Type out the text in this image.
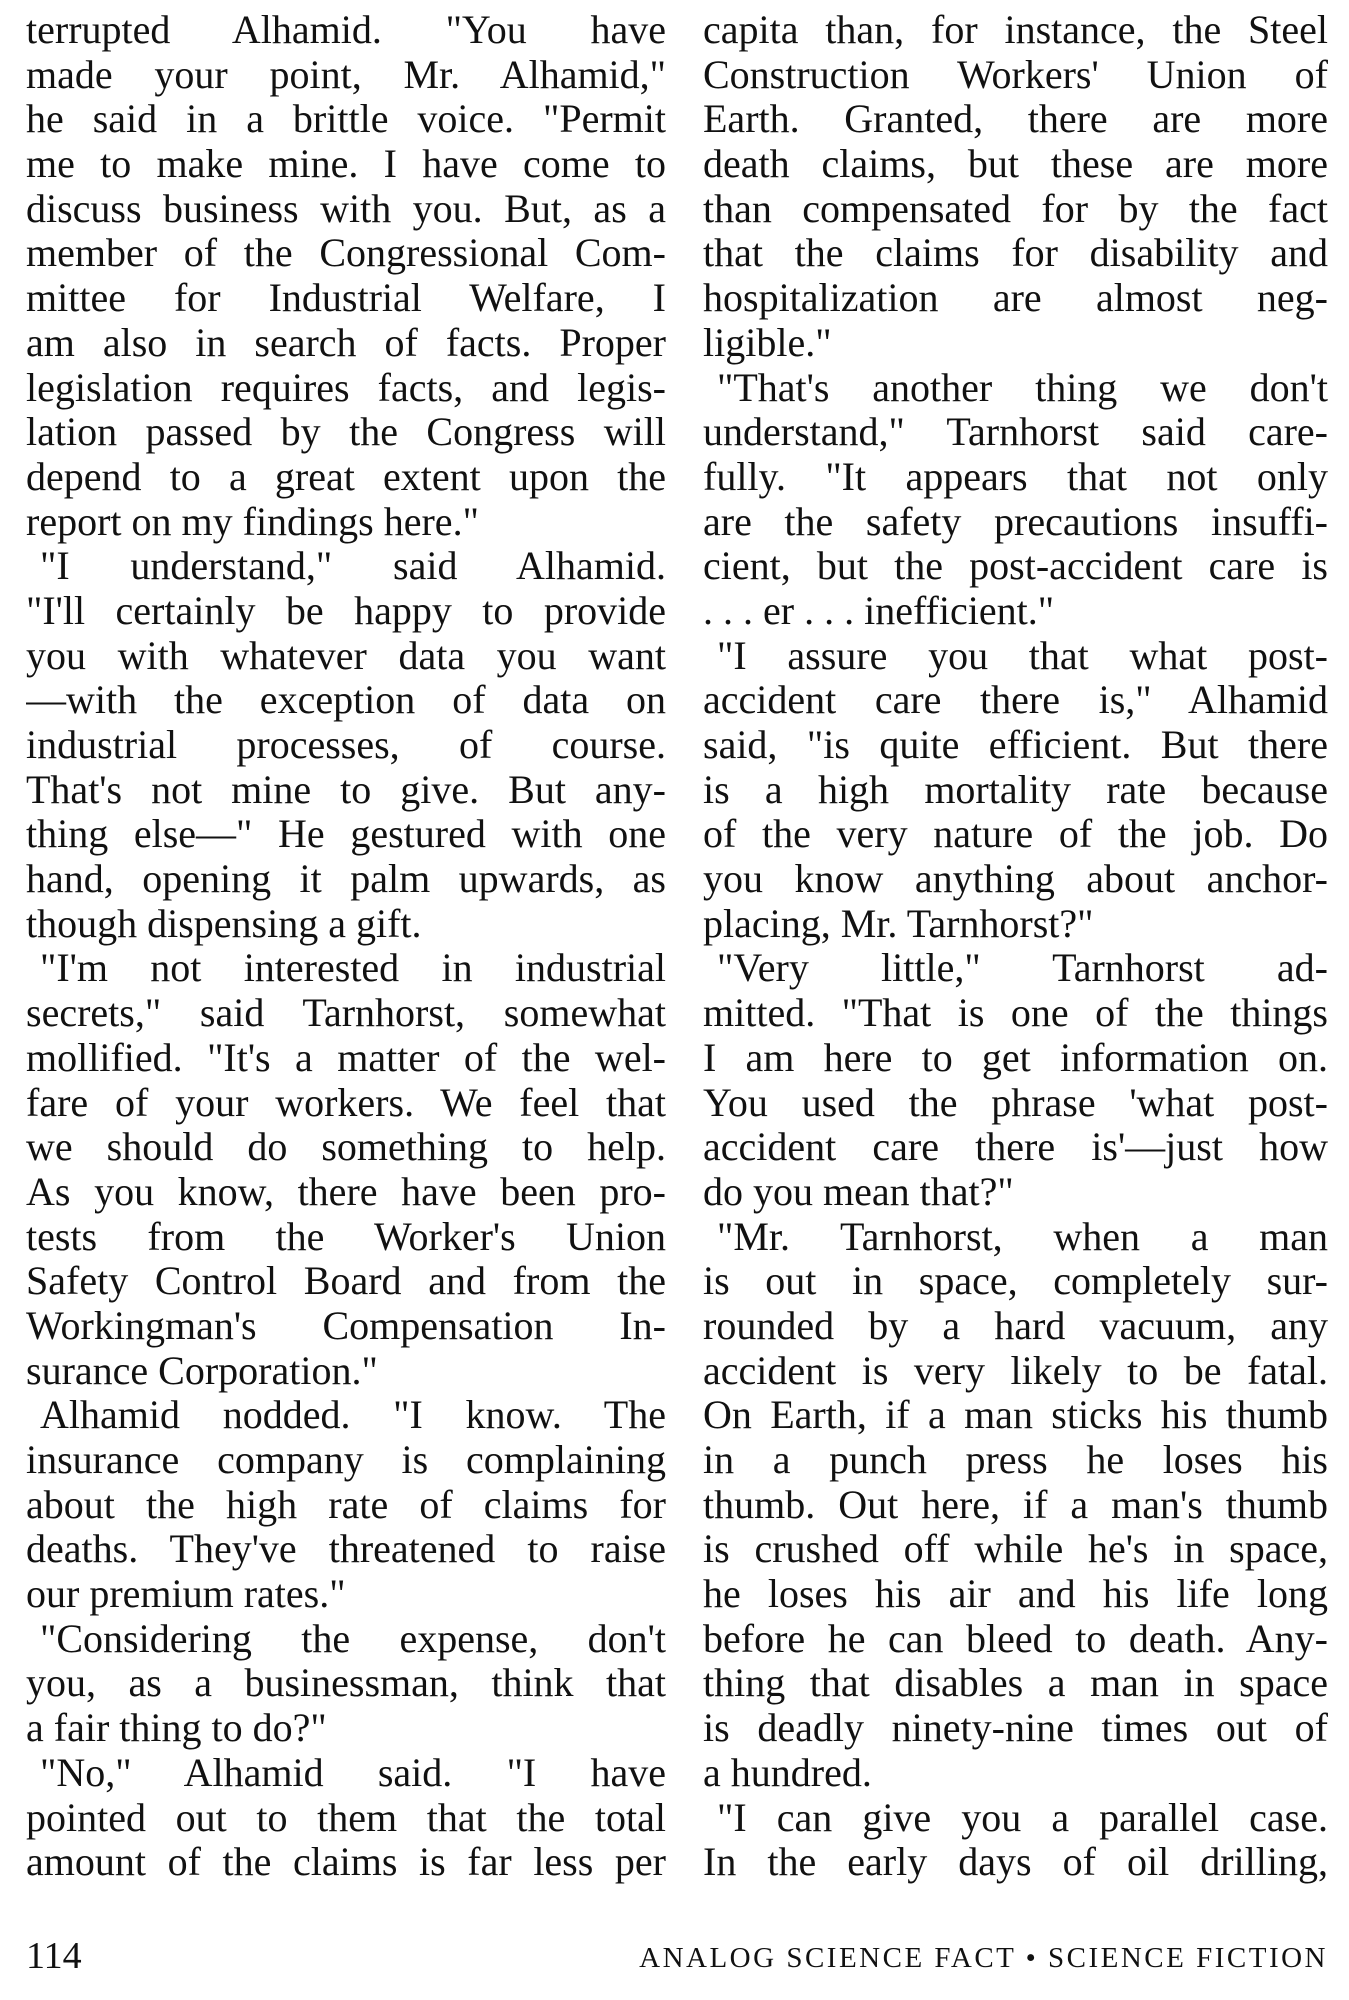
terrupted Alhamid. "You have
made your point, Mr. Alhamid,"
he said in a brittle voice. "Permit
me to make mine. I have come to
discuss business with you. But, as a
member of the Congressional Com-
mittee for Industrial Welfare, I
am also in search of facts. Proper
legislation requires facts, and legis-
lation passed by the Congress will
depend to a great extent upon the
report on my findings here."
"I understand," said Alhamid.
"I'll certainly be happy to provide
you with whatever data you want
—with the exception of data on
industrial processes, of course.
That's not mine to give. But any-
thing else—" He gestured with one
hand, opening it palm upwards, as
though dispensing a gift.
"I'm not interested in industrial
secrets," said Tarnhorst, somewhat
mollified. "It's a matter of the wel-
fare of your workers. We feel that
we should do something to help.
As you know, there have been pro-
tests from the Worker's Union
Safety Control Board and from the
Workingman's Compensation In-
surance Corporation."
Alhamid nodded. "I know. The
insurance company is complaining
about the high rate of claims for
deaths. They've threatened to raise
our premium rates."
"Considering the expense, don't
you, as a businessman, think that
a fair thing to do?"
"No," Alhamid said. "I have
pointed out to them that the total
amount of the claims is far less per
capita than, for instance, the Steel
Construction Workers' Union of
Earth. Granted, there are more
death claims, but these are more
than compensated for by the fact
that the claims for disability and
hospitalization are almost neg-
ligible."
"That's another thing we don't
understand," Tarnhorst said care-
fully. "It appears that not only
are the safety precautions insuffi-
cient, but the post-accident care is
. . . er . . . inefficient."
"I assure you that what post-
accident care there is," Alhamid
said, "is quite efficient. But there
is a high mortality rate because
of the very nature of the job. Do
you know anything about anchor-
placing, Mr. Tarnhorst?"
"Very little," Tarnhorst ad-
mitted. "That is one of the things
I am here to get information on.
You used the phrase 'what post-
accident care there is'—just how
do you mean that?"
"Mr. Tarnhorst, when a man
is out in space, completely sur-
rounded by a hard vacuum, any
accident is very likely to be fatal.
On Earth, if a man sticks his thumb
in a punch press he loses his
thumb. Out here, if a man's thumb
is crushed off while he's in space,
he loses his air and his life long
before he can bleed to death. Any-
thing that disables a man in space
is deadly ninety-nine times out of
a hundred.
"I can give you a parallel case.
In the early days of oil drilling,
114	ANALOG SCIENCE FACT • SCIENCE FICTION
